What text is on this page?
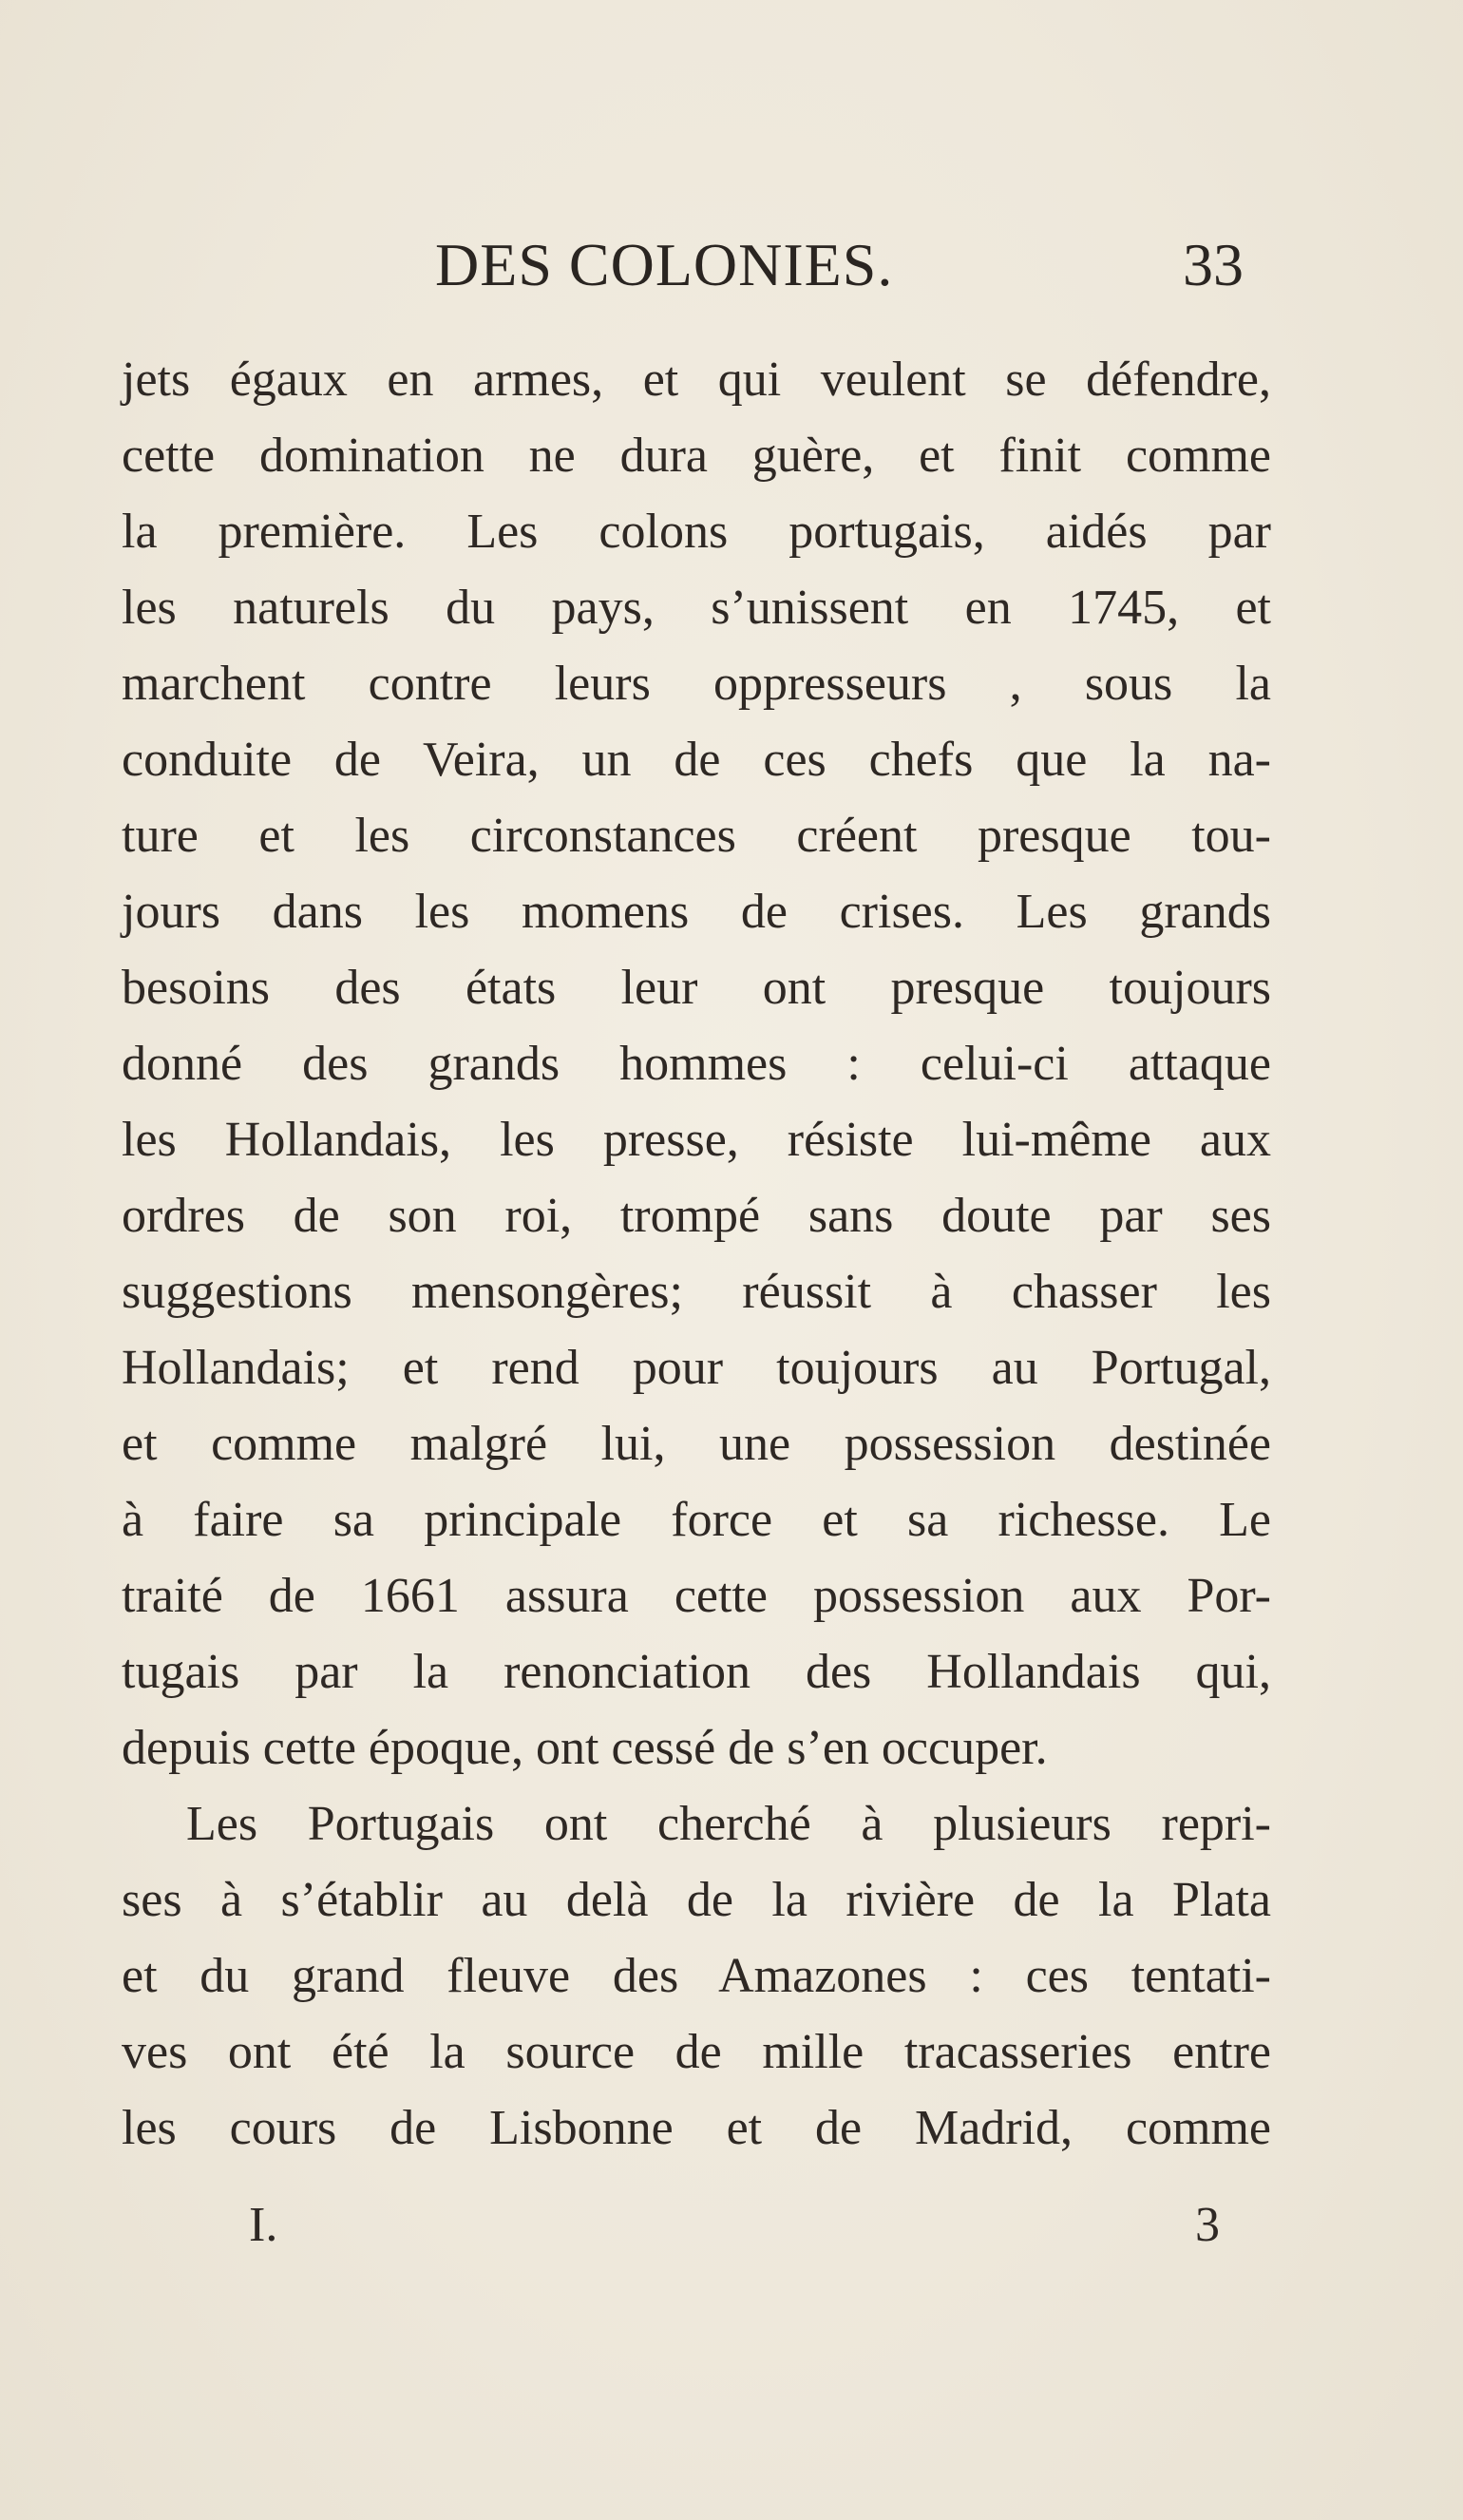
DES COLONIES.	33
jets égaux en armes, et qui veulent se défendre,
cette domination ne dura guère, et finit comme
la première. Les colons portugais, aidés par
les naturels du pays, s’unissent en 1745, et
marchent contre leurs oppresseurs , sous la
conduite de Veira, un de ces chefs que la na-
ture et les circonstances créent presque tou-
jours dans les momens de crises. Les grands
besoins des états leur ont presque toujours
donné des grands hommes : celui-ci attaque
les Hollandais, les presse, résiste lui-même aux
ordres de son roi, trompé sans doute par ses
suggestions mensongères; réussit à chasser les
Hollandais; et rend pour toujours au Portugal,
et comme malgré lui, une possession destinée
à faire sa principale force et sa richesse. Le
traité de 1661 assura cette possession aux Por-
tugais par la renonciation des Hollandais qui,
depuis cette époque, ont cessé de s’en occuper.
Les Portugais ont cherché à plusieurs repri-
ses à s’établir au delà de la rivière de la Plata
et du grand fleuve des Amazones : ces tentati-
ves ont été la source de mille tracasseries entre
les cours de Lisbonne et de Madrid, comme
I.	3
